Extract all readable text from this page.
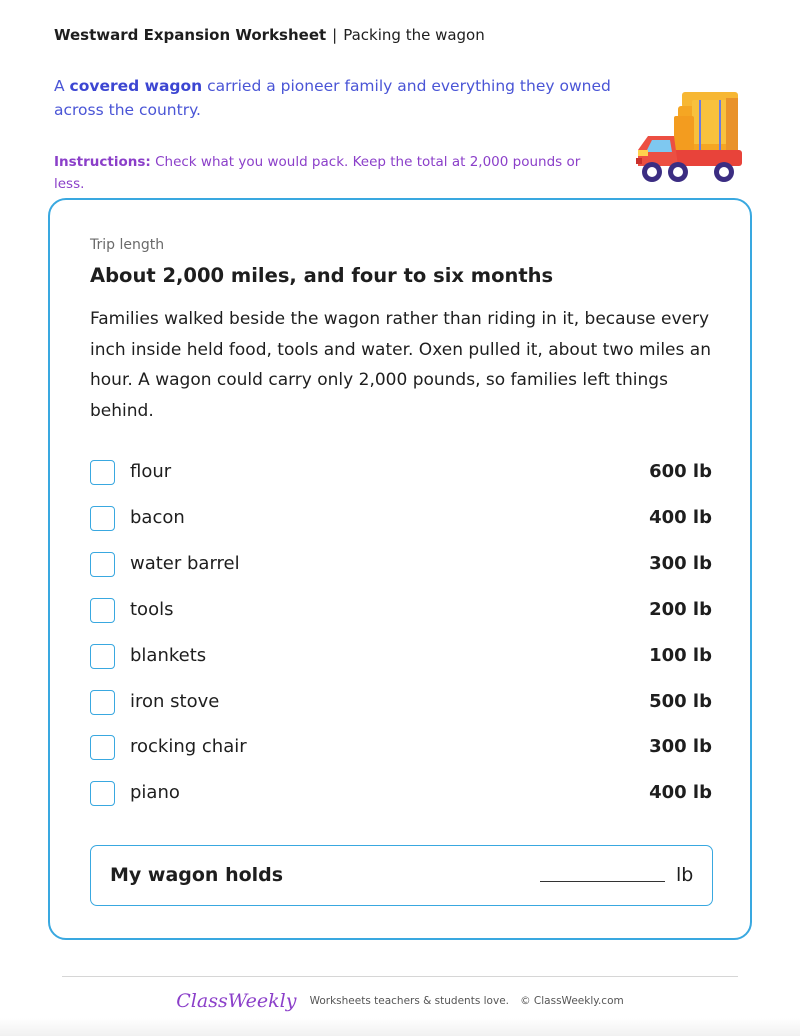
Westward Expansion Worksheet | Packing the wagon
A covered wagon carried a pioneer family and everything they owned across the country.
Instructions: Check what you would pack. Keep the total at 2,000 pounds or less.
Trip length
About 2,000 miles, and four to six months
Families walked beside the wagon rather than riding in it, because every inch inside held food, tools and water. Oxen pulled it, about two miles an hour. A wagon could carry only 2,000 pounds, so families left things behind.
flour	600 lb
bacon	400 lb
water barrel	300 lb
tools	200 lb
blankets	100 lb
iron stove	500 lb
rocking chair	300 lb
piano	400 lb
My wagon holds	lb
ClassWeekly Worksheets teachers & students love. © ClassWeekly.com
